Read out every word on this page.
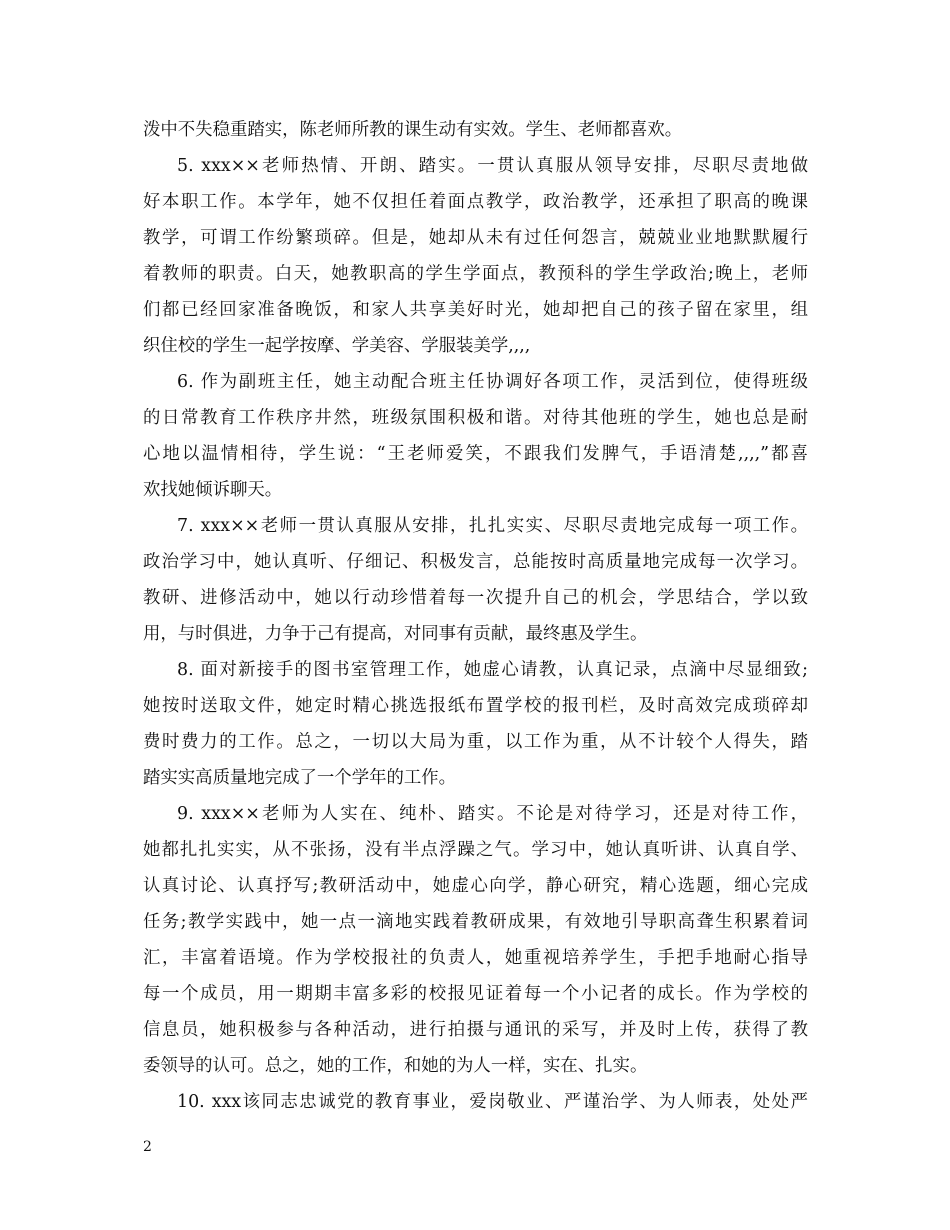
泼中不失稳重踏实，陈老师所教的课生动有实效。学生、老师都喜欢。
5. xxx××老师热情、开朗、踏实。一贯认真服从领导安排，尽职尽责地做
好本职工作。本学年，她不仅担任着面点教学，政治教学，还承担了职高的晚课
教学，可谓工作纷繁琐碎。但是，她却从未有过任何怨言，兢兢业业地默默履行
着教师的职责。白天，她教职高的学生学面点，教预科的学生学政治;晚上，老师
们都已经回家准备晚饭，和家人共享美好时光，她却把自己的孩子留在家里，组
织住校的学生一起学按摩、学美容、学服装美学,,,,
6. 作为副班主任，她主动配合班主任协调好各项工作，灵活到位，使得班级
的日常教育工作秩序井然，班级氛围积极和谐。对待其他班的学生，她也总是耐
心地以温情相待，学生说：“王老师爱笑，不跟我们发脾气，手语清楚,,,,”都喜
欢找她倾诉聊天。
7. xxx××老师一贯认真服从安排，扎扎实实、尽职尽责地完成每一项工作。
政治学习中，她认真听、仔细记、积极发言，总能按时高质量地完成每一次学习。
教研、进修活动中，她以行动珍惜着每一次提升自己的机会，学思结合，学以致
用，与时俱进，力争于己有提高，对同事有贡献，最终惠及学生。
8. 面对新接手的图书室管理工作，她虚心请教，认真记录，点滴中尽显细致;
她按时送取文件，她定时精心挑选报纸布置学校的报刊栏，及时高效完成琐碎却
费时费力的工作。总之，一切以大局为重，以工作为重，从不计较个人得失，踏
踏实实高质量地完成了一个学年的工作。
9. xxx××老师为人实在、纯朴、踏实。不论是对待学习，还是对待工作，
她都扎扎实实，从不张扬，没有半点浮躁之气。学习中，她认真听讲、认真自学、
认真讨论、认真抒写;教研活动中，她虚心向学，静心研究，精心选题，细心完成
任务;教学实践中，她一点一滴地实践着教研成果，有效地引导职高聋生积累着词
汇，丰富着语境。作为学校报社的负责人，她重视培养学生，手把手地耐心指导
每一个成员，用一期期丰富多彩的校报见证着每一个小记者的成长。作为学校的
信息员，她积极参与各种活动，进行拍摄与通讯的采写，并及时上传，获得了教
委领导的认可。总之，她的工作，和她的为人一样，实在、扎实。
10. xxx该同志忠诚党的教育事业，爱岗敬业、严谨治学、为人师表，处处严
2
